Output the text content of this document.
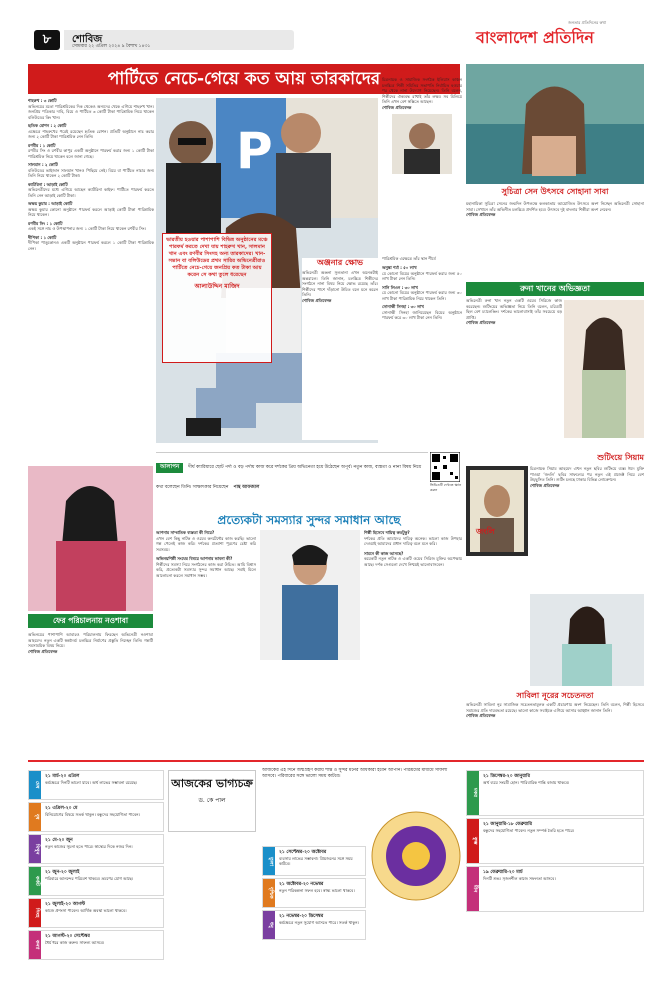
৮	শোবিজ
সোমবার ২২ এপ্রিল ২০২৪ ৯ বৈশাখ ১৪৩১
জনতার প্রতিদিনের কথা
বাংলাদেশ প্রতিদিন
পার্টিতে নেচে-গেয়ে কত আয় তারকাদের
শাহরুখ : ৩ কোটি
অভিনয়ের মতো পারিশ্রমিকের দিক থেকেও অন্যদের থেকে এগিয়ে শাহরুখ খান। জনপ্রিয় পত্রিকার দাবি, বিয়ে ও পার্টিতে ৩ কোটি টাকা পারিশ্রমিক নিয়ে থাকেন বলিউডের কিং খান।
হৃতিক রোশন : ২ কোটি
এক্ষেত্রে শাহরুখের পরেই রয়েছেন হৃতিক রোশন। প্রতিটি অনুষ্ঠানে নাচ করার জন্য ২ কোটি টাকা পারিশ্রমিক নেন তিনি।
রণবীর : ১ কোটি
রণবীর সিং ও রণবীর কাপুর একটি অনুষ্ঠানে পারফর্ম করার জন্য ১ কোটি টাকা পারিশ্রমিক নিয়ে থাকেন বলে জানা গেছে।
সালমান : ২ কোটি
বলিউডের ভাইজান সালমান খানও পিছিয়ে নেই। বিয়ে বা পার্টিতে নাচার জন্য তিনি নিয়ে থাকেন ২ কোটি টাকা।
ক্যাটরিনা : আড়াই কোটি
অভিনেত্রীদের মধ্যে এগিয়ে আছেন ক্যাটরিনা কাইফ। পার্টিতে পারফর্ম করতে তিনি নেন আড়াই কোটি টাকা।
অক্ষয় কুমার : আড়াই কোটি
অক্ষয় কুমার কোনো অনুষ্ঠানে পারফর্ম করলে আড়াই কোটি টাকা পারিশ্রমিক নিয়ে থাকেন।
রণবীর সিং : ১ কোটি
একই সঙ্গে নাচ ও উপস্থাপনার জন্য ১ কোটি টাকা নিয়ে থাকেন রণবীর সিং।
দীপিকা : ১ কোটি
দীপিকা পাড়ুকোনও একটি অনুষ্ঠানে পারফর্ম করলে ১ কোটি টাকা পারিশ্রমিক নেন।
P
ভারতীয় হওয়ার পাশাপাশি বিভিন্ন অনুষ্ঠানের মঞ্চে পারফর্ম করতে দেখা যায় শাহরুখ খান, সালমান খান এবং রণবীর সিংসহ অন্য তারকাদের। খান-সন্তান বা বলিউডের প্রথম সারির অভিনেত্রীরাও পার্টিতে নেচে-গেয়ে জনপ্রিয় কত টাকা আয় করেন সে কথা তুলে ধরেছেন
আলাউদ্দিন মাজিদ
পারিশ্রমিক এক্ষেত্রে তাঁর স্থান শীর্ষে
অনুষ্কা শর্মা : ৫০ লাখ
যে কোনো বিয়ের অনুষ্ঠানে পারফর্ম করার জন্য ৫০ লাখ টাকা নেন তিনি।
সানি লিওন : ৩০ লাখ
যে কোনো বিয়ের অনুষ্ঠানে পারফর্ম করার জন্য ৩০ লাখ টাকা পারিশ্রমিক নিয়ে থাকেন তিনি।
সোনাক্ষী সিনহা : ৩০ লাখ
সোনাক্ষী সিনহা জানিয়েছেন বিয়ের অনুষ্ঠানে পারফর্ম করে ৩০ লাখ টাকা নেন তিনি।
ইলিয়াস কাঞ্চনের স্বস্তি
চিত্রনায়ক ও সামাজিক সংগঠক ইলিয়াস কাঞ্চন চলচ্চিত্র শিল্পী সমিতির সভাপতি নির্বাচিত হওয়ার পর থেকে নানা উদ্যোগ নিয়েছেন। তিনি বলেন, শিল্পীদের ঐক্যবদ্ধ রাখাই তাঁর লক্ষ্য। সব মিলিয়ে তিনি এখন বেশ স্বস্তিতে আছেন।
শোবিজ প্রতিবেদক
সুচিত্রা সেন উৎসবে সোহানা সাবা
মহানায়িকা সুচিত্রা সেনের জন্মদিন উপলক্ষে কলকাতায় আয়োজিত উৎসবে অংশ নিচ্ছেন অভিনেত্রী সোহানা সাবা। সেখানে তাঁর অভিনীত চলচ্চিত্র প্রদর্শিত হবে। উৎসবে দুই বাংলার শিল্পীরা অংশ নেবেন।
শোবিজ প্রতিবেদক
রুনা খানের অভিজ্ঞতা
অভিনেত্রী রুনা খান নতুন একটি ওয়েব সিরিজে কাজ করেছেন। শুটিংয়ের অভিজ্ঞতা নিয়ে তিনি বলেন, চরিত্রটি ছিল বেশ চ্যালেঞ্জিং। দর্শকের ভালোবাসাই তাঁর সবচেয়ে বড় প্রাপ্তি।
শোবিজ প্রতিবেদক
ফের পরিচালনায় নওশাবা
অভিনয়ের পাশাপাশি আবারও পরিচালনায় ফিরছেন অভিনেত্রী নওশাবা আহমেদ। নতুন একটি স্বল্পদৈর্ঘ্য চলচ্চিত্র নির্মাণের প্রস্তুতি নিচ্ছেন তিনি। গল্পটি সমসাময়িক বিষয় নিয়ে।
শোবিজ প্রতিবেদক
আলাপন দীর্ঘ ক্যারিয়ারে ছোট পর্দা ও বড় পর্দায় কাজ করে দর্শকের প্রিয় অভিনেতা হয়ে উঠেছেন অপূর্ব। নতুন কাজ, ব্যস্ততা ও নানা বিষয় নিয়ে কথা বলেছেন তিনি। সাক্ষাৎকার নিয়েছেন পান্থ আফজাল	ভিডিওটি দেখতে স্ক্যান করুন
প্রত্যেকটা সমস্যার সুন্দর সমাধান আছে
আপনার সাম্প্রতিক ব্যস্ততা কী নিয়ে?
এখন বেশ কিছু নাটক ও ওয়েব কনটেন্টের কাজ করছি। ভালো গল্প পেলেই কাজ করি। দর্শকের প্রত্যাশা পূরণের চেষ্টা করি সবসময়।
অভিনয়শিল্পী সংঘের বিষয়ে আপনার ভাবনা কী?
শিল্পীদের সমস্যা নিয়ে সংগঠনের কাজ করা উচিত। আমি বিশ্বাস করি, প্রত্যেকটা সমস্যার সুন্দর সমাধান আছে। সবাই মিলে আলোচনা করলে সমাধান সম্ভব।
শিল্পী হিসেবে দায়িত্ব কতটুকু?
দর্শকের প্রতি আমাদের দায়িত্ব অনেক। ভালো কাজ উপহার দেওয়াই আমাদের প্রধান দায়িত্ব বলে মনে করি।
সামনে কী কাজ আসছে?
কয়েকটি নতুন নাটক ও একটি ওয়েব সিরিজ মুক্তির অপেক্ষায় আছে। দর্শক সেগুলো দেখে নিশ্চয়ই ভালোবাসবেন।
শুটিংয়ে সিয়াম
জংলি
চিত্রনায়ক সিয়াম আহমেদ এখন নতুন ছবির শুটিংয়ে ব্যস্ত। ঈদে মুক্তি পাওয়া ‘জংলি’ ছবির সাফল্যের পর নতুন এই প্রজেক্ট নিয়ে বেশ উচ্ছ্বসিত তিনি। শুটিং চলছে ঢাকার বিভিন্ন লোকেশনে।
শোবিজ প্রতিবেদক
সাবিলা নূরের সচেতনতা
অভিনেত্রী সাবিলা নূর সামাজিক সচেতনতামূলক একটি প্রচারণায় অংশ নিয়েছেন। তিনি বলেন, শিল্পী হিসেবে সমাজের প্রতি দায়বদ্ধতা রয়েছে। ভালো কাজে সবাইকে এগিয়ে আসার আহ্বান জানান তিনি।
শোবিজ প্রতিবেদক
আজকের ভাগ্যচক্র
ড. কে পাল
আজকের এই দিনে জন্মগ্রহণ করায় শান্ত ও সুন্দর মনের অধিকারী হবেন আপনি। পরিশ্রমের মাধ্যমে সাফল্য আসবে। পরিবারের সঙ্গে ভালো সময় কাটবে।
মেষ
২১ মার্চ-২০ এপ্রিল
কর্মক্ষেত্রে দিনটি ভালো যাবে। অর্থ লাভের সম্ভাবনা রয়েছে।
বৃষ
২১ এপ্রিল-২০ মে
বিনিয়োগের বিষয়ে সতর্ক থাকুন। বন্ধুদের সহযোগিতা পাবেন।
মিথুন
২১ মে-২০ জুন
নতুন কাজের সূচনা হতে পারে। স্বাস্থ্যের দিকে নজর দিন।
কর্কট
২১ জুন-২০ জুলাই
পরিবারে আনন্দের পরিবেশ থাকবে। ভ্রমণের যোগ আছে।
সিংহ
২১ জুলাই-২০ আগস্ট
কাজে প্রশংসা পাবেন। আর্থিক অবস্থা ভালো থাকবে।
কন্যা
২১ আগস্ট-২০ সেপ্টেম্বর
ধৈর্য ধরে কাজ করুন। সাফল্য আসবে।
তুলা
২১ সেপ্টেম্বর-২০ অক্টোবর
ব্যবসায় লাভের সম্ভাবনা। প্রিয়জনের সঙ্গে সময় কাটবে।
বৃশ্চিক
২১ অক্টোবর-২০ নভেম্বর
নতুন পরিকল্পনা সফল হবে। স্বাস্থ্য ভালো থাকবে।
ধনু
২১ নভেম্বর-২০ ডিসেম্বর
কর্মক্ষেত্রে নতুন সুযোগ আসতে পারে। সতর্ক থাকুন।
মকর
২১ ডিসেম্বর-২০ জানুয়ারি
অর্থ ব্যয়ে সংযমী হোন। পারিবারিক শান্তি বজায় থাকবে।
কুম্ভ
২১ জানুয়ারি-১৮ ফেব্রুয়ারি
বন্ধুদের সহযোগিতা পাবেন। নতুন সম্পর্ক তৈরি হতে পারে।
মীন
১৯ ফেব্রুয়ারি-২০ মার্চ
দিনটি শুভ। সৃজনশীল কাজে সফলতা আসবে।
অঞ্জনার ক্ষোভ
অভিনেত্রী অঞ্জনা সুলতানা এখন অনেকটাই অন্তরালে। তিনি জানান, চলচ্চিত্র শিল্পীদের সংগঠনে নানা বিষয় নিয়ে ক্ষোভ রয়েছে তাঁর। শিল্পীদের পাশে দাঁড়ানো উচিত বলে মনে করেন তিনি।
শোবিজ প্রতিবেদক
